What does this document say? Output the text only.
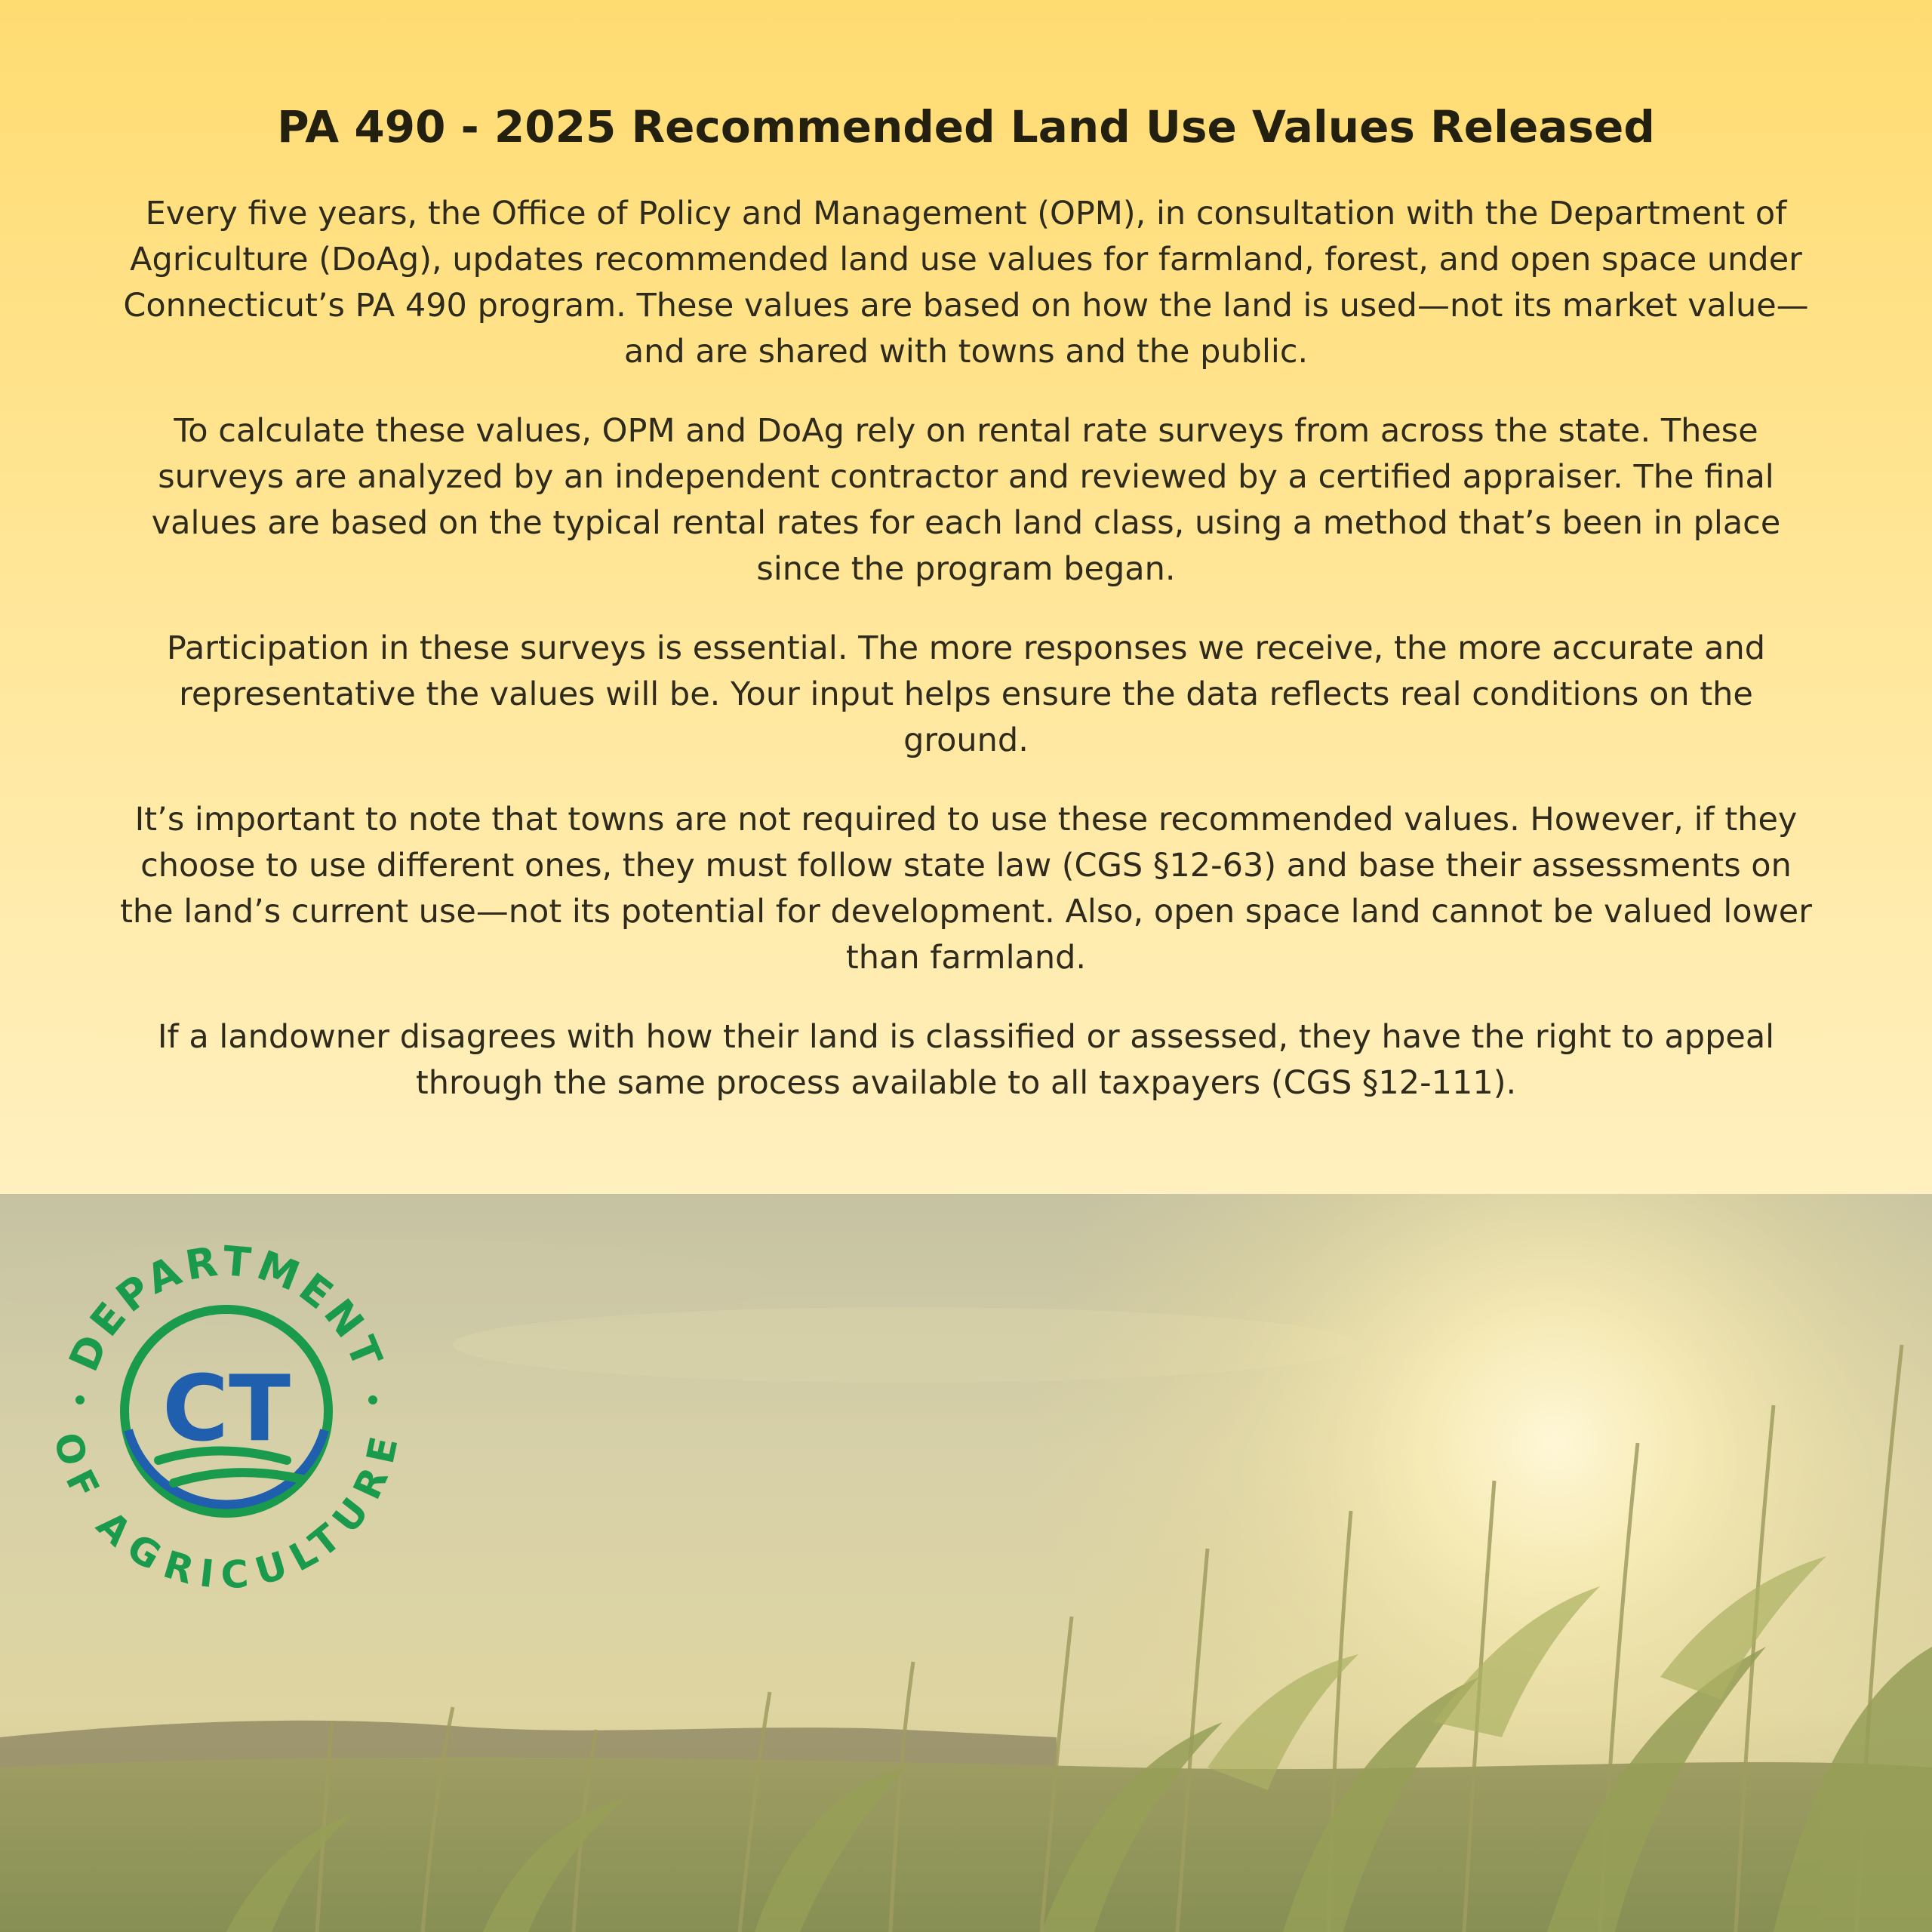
PA 490 - 2025 Recommended Land Use Values Released

Every five years, the Office of Policy and Management (OPM), in consultation with the Department of Agriculture (DoAg), updates recommended land use values for farmland, forest, and open space under Connecticut’s PA 490 program. These values are based on how the land is used—not its market value—and are shared with towns and the public.

To calculate these values, OPM and DoAg rely on rental rate surveys from across the state. These surveys are analyzed by an independent contractor and reviewed by a certified appraiser. The final values are based on the typical rental rates for each land class, using a method that’s been in place since the program began.

Participation in these surveys is essential. The more responses we receive, the more accurate and representative the values will be. Your input helps ensure the data reflects real conditions on the ground.

It’s important to note that towns are not required to use these recommended values. However, if they choose to use different ones, they must follow state law (CGS §12-63) and base their assessments on the land’s current use—not its potential for development. Also, open space land cannot be valued lower than farmland.

If a landowner disagrees with how their land is classified or assessed, they have the right to appeal through the same process available to all taxpayers (CGS §12-111).

DEPARTMENT
OF AGRICULTURE
CT
